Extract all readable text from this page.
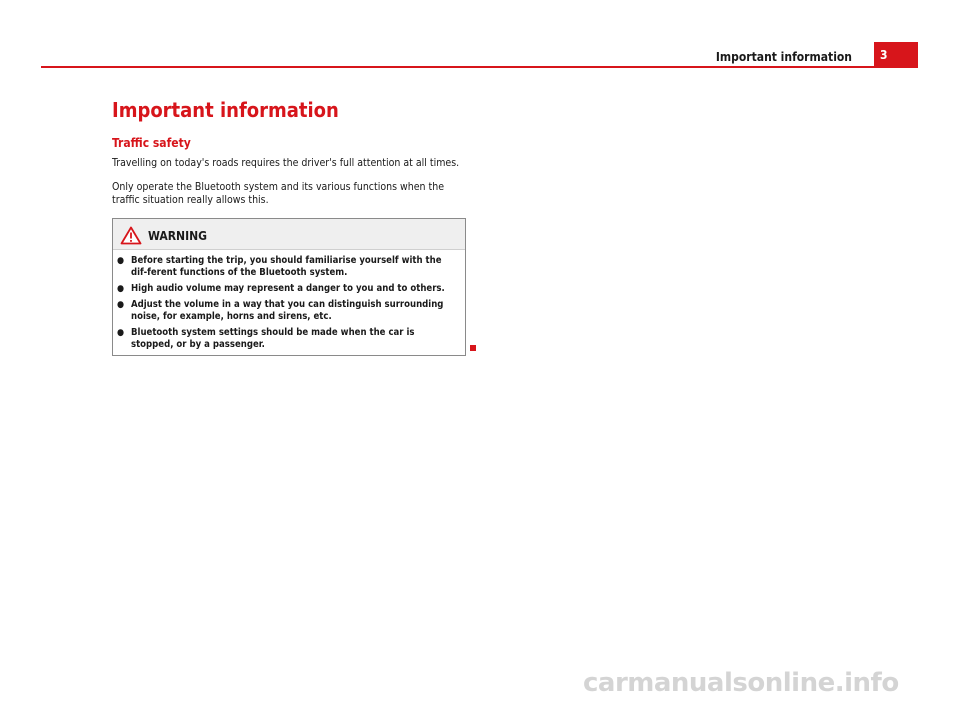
Important information 3
Important information
Traffic safety

Travelling on today's roads requires the driver's full attention at all times.

Only operate the Bluetooth system and its various functions when the traffic situation really allows this.

WARNING
● Before starting the trip, you should familiarise yourself with the dif-ferent functions of the Bluetooth system.
● High audio volume may represent a danger to you and to others.
● Adjust the volume in a way that you can distinguish surrounding noise, for example, horns and sirens, etc.
● Bluetooth system settings should be made when the car is stopped, or by a passenger.
carmanualsonline.info
